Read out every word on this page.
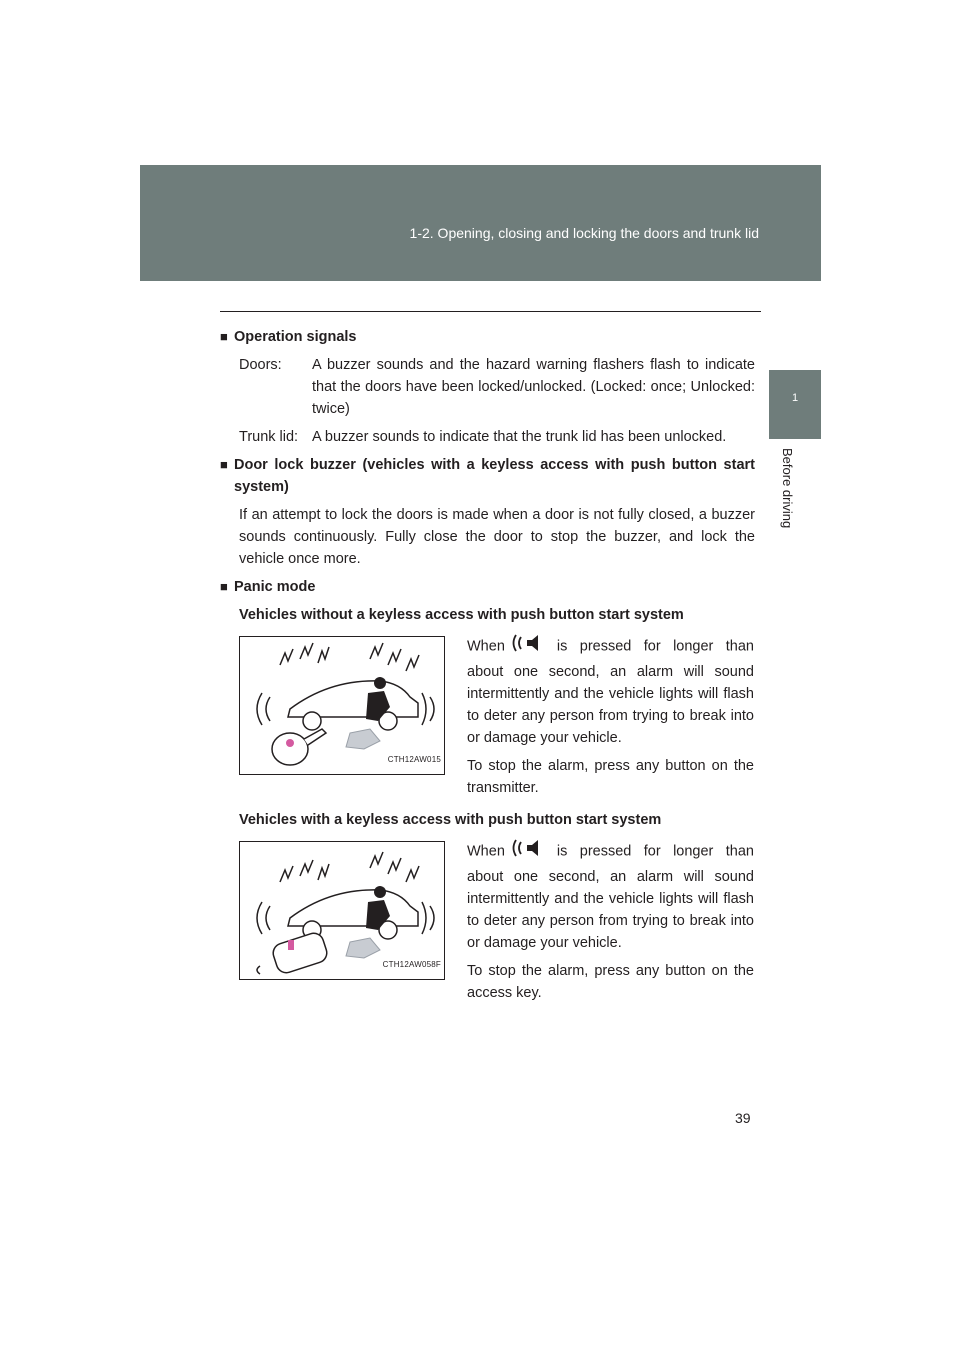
1-2. Opening, closing and locking the doors and trunk lid
1
Before driving
■ Operation signals
Doors:	A buzzer sounds and the hazard warning flashers flash to indicate that the doors have been locked/unlocked. (Locked: once; Unlocked: twice)
Trunk lid: A buzzer sounds to indicate that the trunk lid has been unlocked.
■ Door lock buzzer (vehicles with a keyless access with push button start system)

If an attempt to lock the doors is made when a door is not fully closed, a buzzer sounds continuously. Fully close the door to stop the buzzer, and lock the vehicle once more.

■ Panic mode
Vehicles without a keyless access with push button start system
CTH12AW015

When	is pressed for longer than about one second, an alarm will sound intermittently and the vehicle lights will flash to deter any person from trying to break into or damage your vehicle.

To stop the alarm, press any button on the transmitter.

Vehicles with a keyless access with push button start system
CTH12AW058F

When	is pressed for longer than about one second, an alarm will sound intermittently and the vehicle lights will flash to deter any person from trying to break into or damage your vehicle.

To stop the alarm, press any button on the access key.

39
